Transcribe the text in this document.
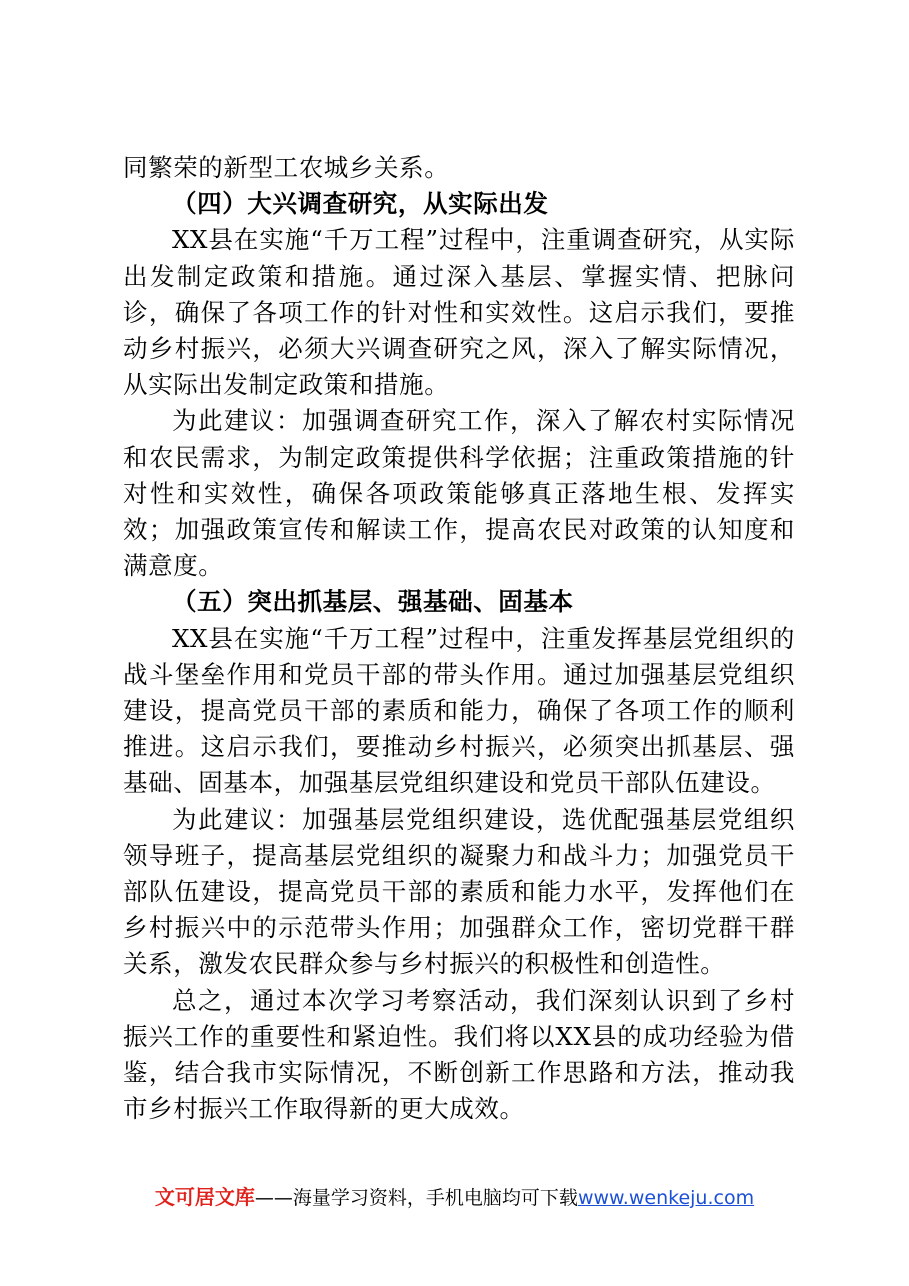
同繁荣的新型工农城乡关系。

（四）大兴调查研究，从实际出发

XX县在实施“千万工程”过程中，注重调查研究，从实际出发制定政策和措施。通过深入基层、掌握实情、把脉问诊，确保了各项工作的针对性和实效性。这启示我们，要推动乡村振兴，必须大兴调查研究之风，深入了解实际情况，从实际出发制定政策和措施。

为此建议：加强调查研究工作，深入了解农村实际情况和农民需求，为制定政策提供科学依据；注重政策措施的针对性和实效性，确保各项政策能够真正落地生根、发挥实效；加强政策宣传和解读工作，提高农民对政策的认知度和满意度。

（五）突出抓基层、强基础、固基本

XX县在实施“千万工程”过程中，注重发挥基层党组织的战斗堡垒作用和党员干部的带头作用。通过加强基层党组织建设，提高党员干部的素质和能力，确保了各项工作的顺利推进。这启示我们，要推动乡村振兴，必须突出抓基层、强基础、固基本，加强基层党组织建设和党员干部队伍建设。

为此建议：加强基层党组织建设，选优配强基层党组织领导班子，提高基层党组织的凝聚力和战斗力；加强党员干部队伍建设，提高党员干部的素质和能力水平，发挥他们在乡村振兴中的示范带头作用；加强群众工作，密切党群干群关系，激发农民群众参与乡村振兴的积极性和创造性。

总之，通过本次学习考察活动，我们深刻认识到了乡村振兴工作的重要性和紧迫性。我们将以XX县的成功经验为借鉴，结合我市实际情况，不断创新工作思路和方法，推动我市乡村振兴工作取得新的更大成效。

文可居文库——海量学习资料，手机电脑均可下载www.wenkeju.com
